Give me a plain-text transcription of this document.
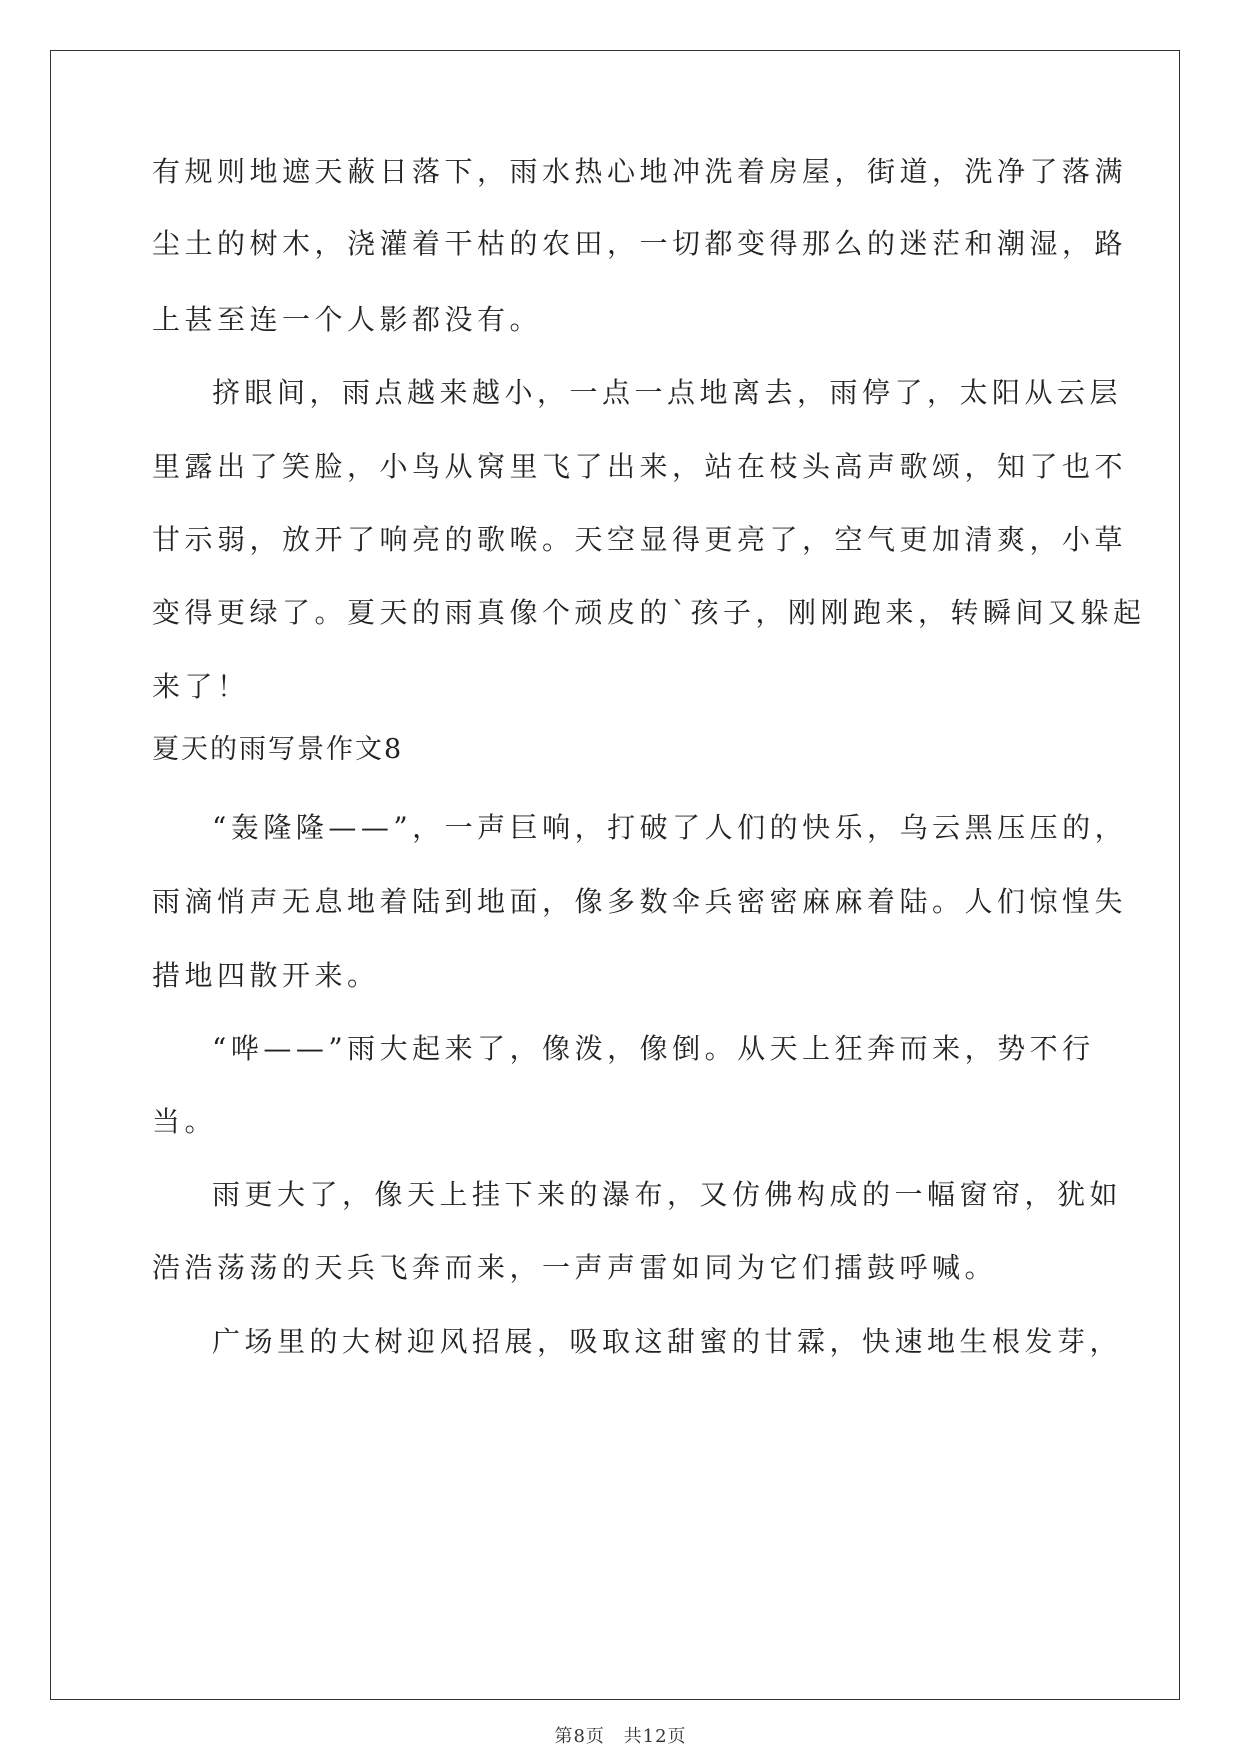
有规则地遮天蔽日落下，雨水热心地冲洗着房屋，街道，洗净了落满
尘土的树木，浇灌着干枯的农田，一切都变得那么的迷茫和潮湿，路
上甚至连一个人影都没有。
挤眼间，雨点越来越小，一点一点地离去，雨停了，太阳从云层
里露出了笑脸，小鸟从窝里飞了出来，站在枝头高声歌颂，知了也不
甘示弱，放开了响亮的歌喉。天空显得更亮了，空气更加清爽，小草
变得更绿了。夏天的雨真像个顽皮的`孩子，刚刚跑来，转瞬间又躲起
来了！
夏天的雨写景作文8
“轰隆隆——”，一声巨响，打破了人们的快乐，乌云黑压压的，
雨滴悄声无息地着陆到地面，像多数伞兵密密麻麻着陆。人们惊惶失
措地四散开来。
“哗——”雨大起来了，像泼，像倒。从天上狂奔而来，势不行
当。
雨更大了，像天上挂下来的瀑布，又仿佛构成的一幅窗帘，犹如
浩浩荡荡的天兵飞奔而来，一声声雷如同为它们擂鼓呼喊。
广场里的大树迎风招展，吸取这甜蜜的甘霖，快速地生根发芽，
第8页 共12页
